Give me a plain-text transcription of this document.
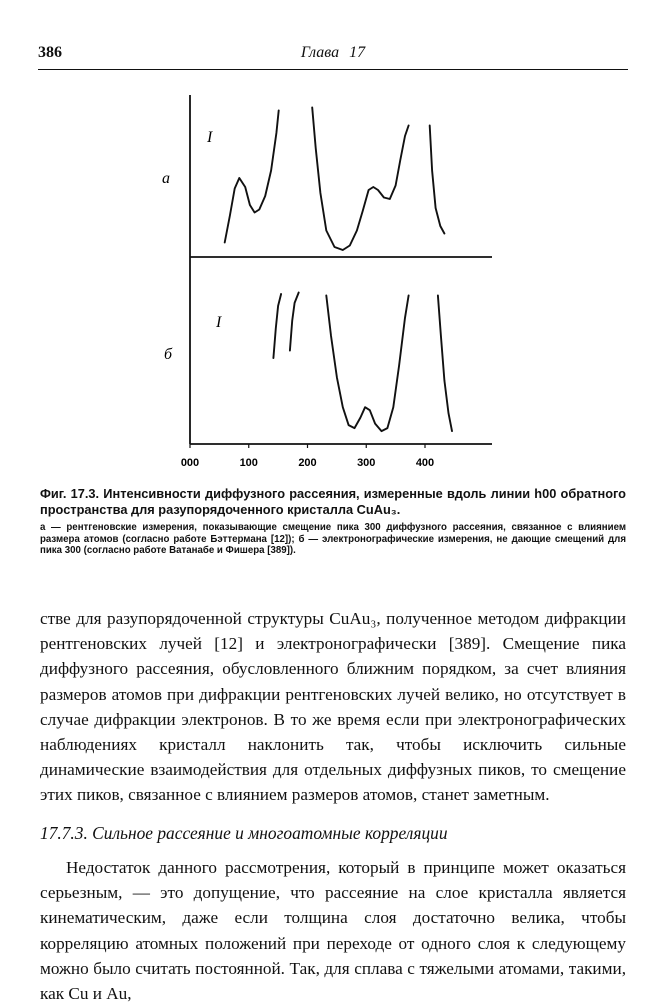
386	Глава 17
000	100	200	300	400
а
б
I
I

Фиг. 17.3. Интенсивности диффузного рассеяния, измеренные вдоль линии h00 обратного пространства для разупорядоченного кристалла CuAu₃.

а — рентгеновские измерения, показывающие смещение пика 300 диффузного рассеяния, связанное с влиянием размера атомов (согласно работе Бэттермана [12]); б — электронографические измерения, не дающие смещений для пика 300 (согласно работе Ватанабе и Фишера [389]).

стве для разупорядоченной структуры CuAu₃, полученное методом дифракции рентгеновских лучей [12] и электронографически [389]. Смещение пика диффузного рассеяния, обусловленного ближним порядком, за счет влияния размеров атомов при дифракции рентгеновских лучей велико, но отсутствует в случае дифракции электронов. В то же время если при электронографических наблюдениях кристалл наклонить так, чтобы исключить сильные динамические взаимодействия для отдельных диффузных пиков, то смещение этих пиков, связанное с влиянием размеров атомов, станет заметным.

17.7.3. Сильное рассеяние и многоатомные корреляции

Недостаток данного рассмотрения, который в принципе может оказаться серьезным, — это допущение, что рассеяние на слое кристалла является кинематическим, даже если толщина слоя достаточно велика, чтобы корреляцию атомных положений при переходе от одного слоя к следующему можно было считать постоянной. Так, для сплава с тяжелыми атомами, такими, как Cu и Au,
